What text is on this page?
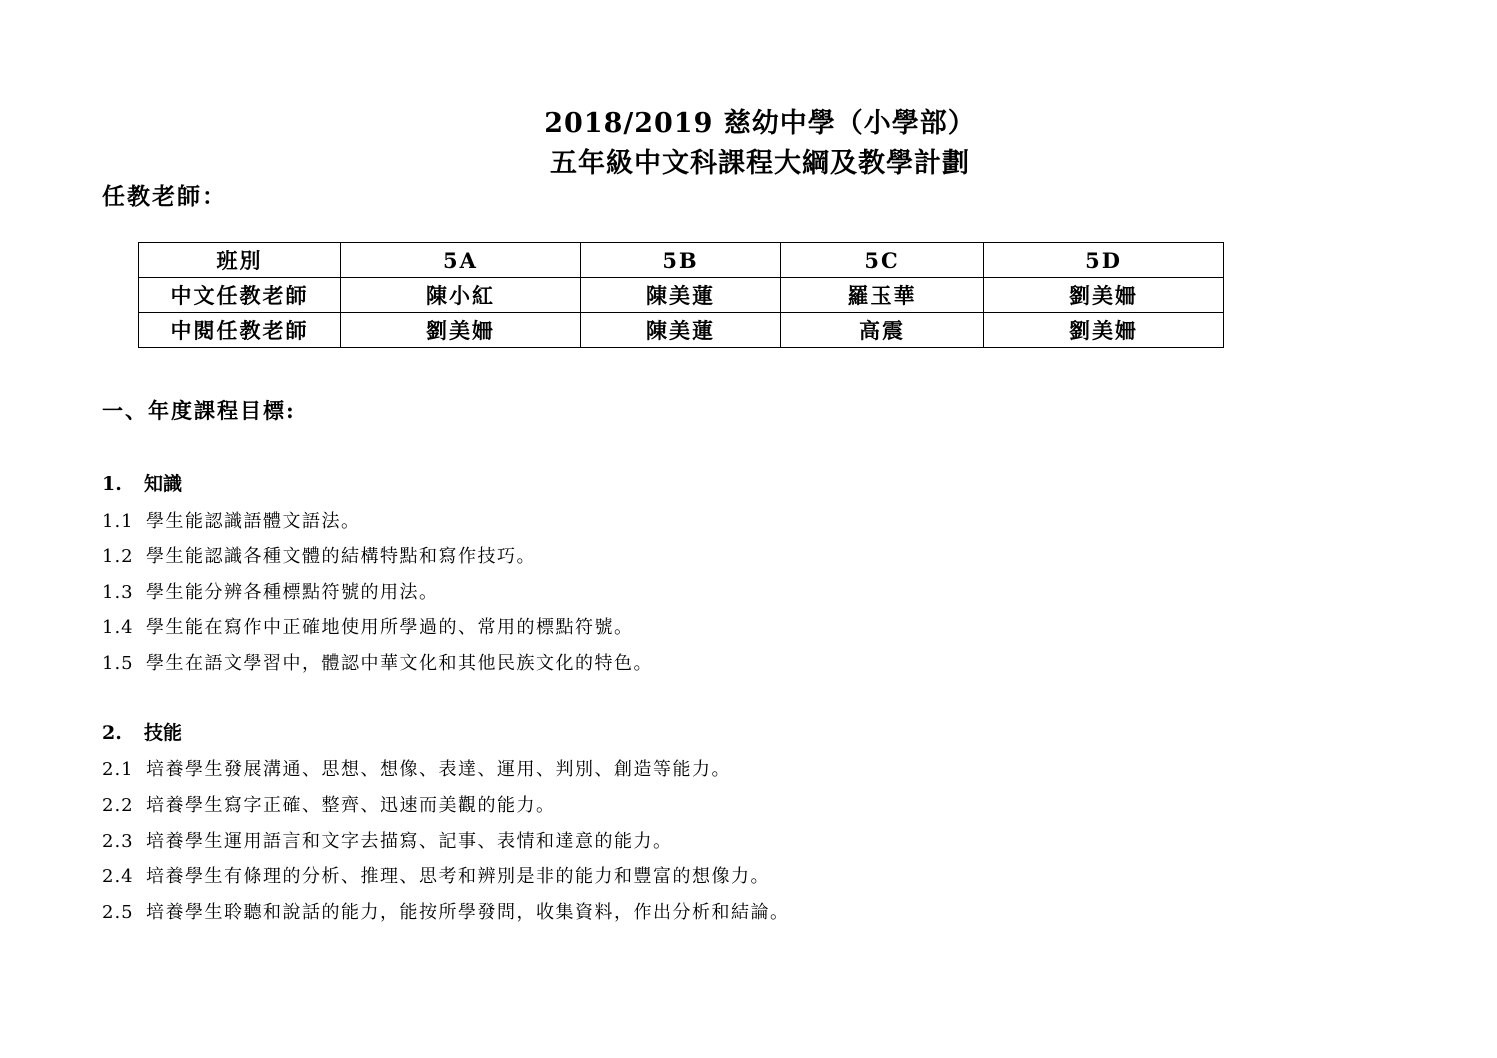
2018/2019 慈幼中學（小學部）
五年級中文科課程大綱及教學計劃
任教老師：
班別	5A	5B	5C	5D
中文任教老師	陳小紅	陳美蓮	羅玉華	劉美姍
中閱任教老師	劉美姍	陳美蓮	高震	劉美姍
一、年度課程目標:
1. 知識
1.1 學生能認識語體文語法。
1.2 學生能認識各種文體的結構特點和寫作技巧。
1.3 學生能分辨各種標點符號的用法。
1.4 學生能在寫作中正確地使用所學過的、常用的標點符號。
1.5 學生在語文學習中，體認中華文化和其他民族文化的特色。
2. 技能
2.1 培養學生發展溝通、思想、想像、表達、運用、判別、創造等能力。
2.2 培養學生寫字正確、整齊、迅速而美觀的能力。
2.3 培養學生運用語言和文字去描寫、記事、表情和達意的能力。
2.4 培養學生有條理的分析、推理、思考和辨別是非的能力和豐富的想像力。
2.5 培養學生聆聽和說話的能力，能按所學發問，收集資料，作出分析和結論。
